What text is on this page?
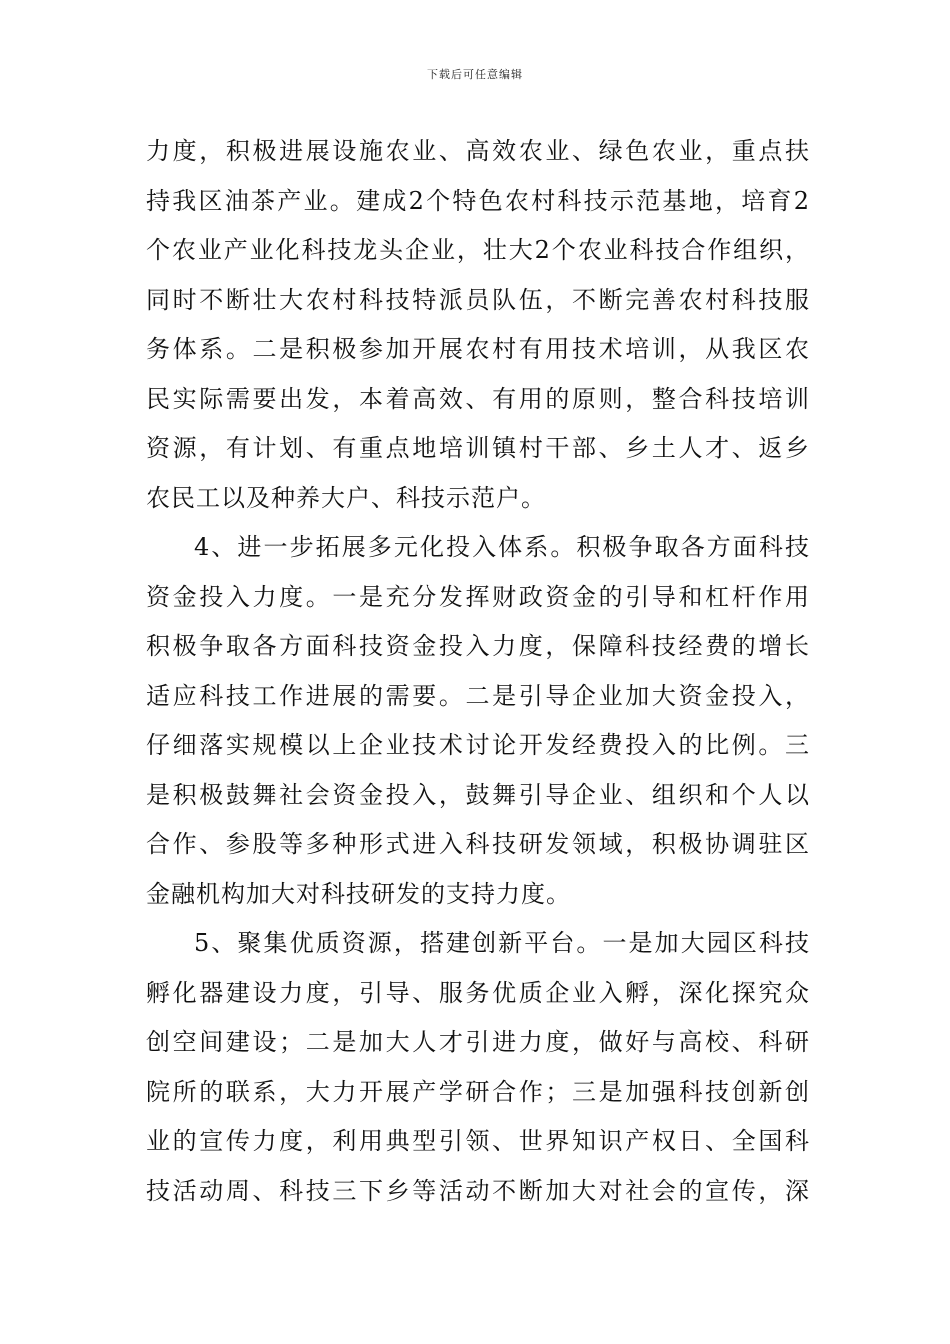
下载后可任意编辑
力度，积极进展设施农业、高效农业、绿色农业，重点扶
持我区油茶产业。建成2个特色农村科技示范基地，培育2
个农业产业化科技龙头企业，壮大2个农业科技合作组织，
同时不断壮大农村科技特派员队伍，不断完善农村科技服
务体系。二是积极参加开展农村有用技术培训，从我区农
民实际需要出发，本着高效、有用的原则，整合科技培训
资源，有计划、有重点地培训镇村干部、乡土人才、返乡
农民工以及种养大户、科技示范户。
4、进一步拓展多元化投入体系。积极争取各方面科技
资金投入力度。一是充分发挥财政资金的引导和杠杆作用
积极争取各方面科技资金投入力度，保障科技经费的增长
适应科技工作进展的需要。二是引导企业加大资金投入，
仔细落实规模以上企业技术讨论开发经费投入的比例。三
是积极鼓舞社会资金投入，鼓舞引导企业、组织和个人以
合作、参股等多种形式进入科技研发领域，积极协调驻区
金融机构加大对科技研发的支持力度。
5、聚集优质资源，搭建创新平台。一是加大园区科技
孵化器建设力度，引导、服务优质企业入孵，深化探究众
创空间建设；二是加大人才引进力度，做好与高校、科研
院所的联系，大力开展产学研合作；三是加强科技创新创
业的宣传力度，利用典型引领、世界知识产权日、全国科
技活动周、科技三下乡等活动不断加大对社会的宣传，深
